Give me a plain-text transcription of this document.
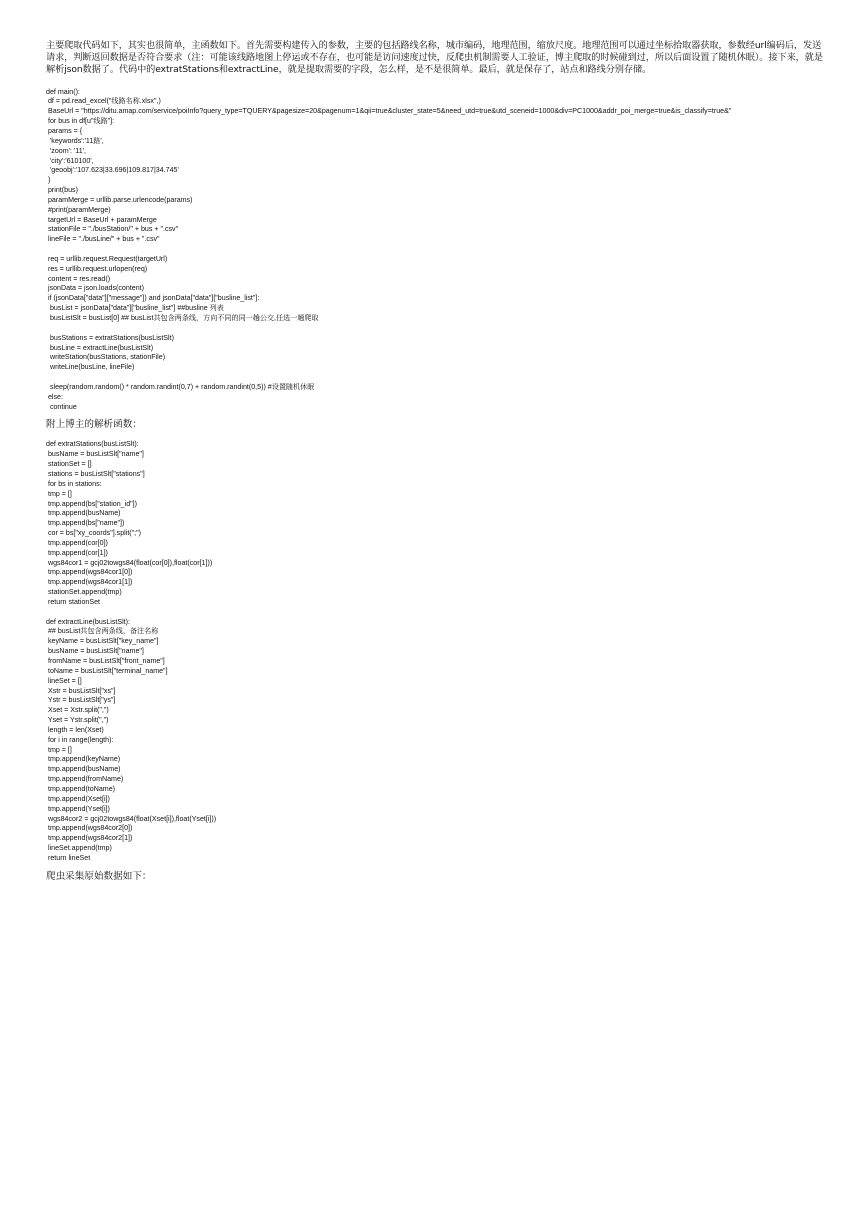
主要爬取代码如下，其实也很简单，主函数如下。首先需要构建传入的参数，主要的包括路线名称，城市编码，地理范围，缩放尺度。地理范围可以通过坐标拾取器获取，参数经url编码后，发送请求，判断返回数据是否符合要求（注：可能该线路地图上停运或不存在，也可能是访问速度过快，反爬虫机制需要人工验证，博主爬取的时候碰到过，所以后面设置了随机休眠）。接下来，就是解析json数据了。代码中的extratStations和extractLine，就是提取需要的字段，怎么样，是不是很简单。最后，就是保存了，站点和路线分别存储。

def main():
df = pd.read_excel("线路名称.xlsx",)
BaseUrl = "https://ditu.amap.com/service/poiInfo?query_type=TQUERY&pagesize=20&pagenum=1&qii=true&cluster_state=5&need_utd=true&utd_sceneid=1000&div=PC1000&addr_poi_merge=true&is_classify=true&"
for bus in df[u"线路"]:
params = {
'keywords':'11路',
'zoom': '11',
'city':'610100',
'geoobj':'107.623|33.696|109.817|34.745'
}
print(bus)
paramMerge = urllib.parse.urlencode(params)
#print(paramMerge)
targetUrl = BaseUrl + paramMerge
stationFile = "./busStation/" + bus + ".csv"
lineFile = "./busLine/" + bus + ".csv"
req = urllib.request.Request(targetUrl)
res = urllib.request.urlopen(req)
content = res.read()
jsonData = json.loads(content)
if (jsonData["data"]["message"]) and jsonData["data"]["busline_list"]:
busList = jsonData["data"]["busline_list"] ##busline 列表
busListSlt = busList[0] ## busList共包含两条线，方向不同的同一趟公交,任选一趟爬取
busStations = extratStations(busListSlt)
busLine = extractLine(busListSlt)
writeStation(busStations, stationFile)
writeLine(busLine, lineFile)
sleep(random.random() * random.randint(0,7) + random.randint(0,5)) #设置随机休眠
else:
continue
附上博主的解析函数：
def extratStations(busListSlt):
busName = busListSlt["name"]
stationSet = []
stations = busListSlt["stations"]
for bs in stations:
tmp = []
tmp.append(bs["station_id"])
tmp.append(busName)
tmp.append(bs["name"])
cor = bs["xy_coords"].split(";")
tmp.append(cor[0])
tmp.append(cor[1])
wgs84cor1 = gcj02towgs84(float(cor[0]),float(cor[1]))
tmp.append(wgs84cor1[0])
tmp.append(wgs84cor1[1])
stationSet.append(tmp)
return stationSet
def extractLine(busListSlt):
## busList共包含两条线，备注名称
keyName = busListSlt["key_name"]
busName = busListSlt["name"]
fromName = busListSlt["front_name"]
toName = busListSlt["terminal_name"]
lineSet = []
Xstr = busListSlt["xs"]
Ystr = busListSlt["ys"]
Xset = Xstr.split(",")
Yset = Ystr.split(",")
length = len(Xset)
for i in range(length):
tmp = []
tmp.append(keyName)
tmp.append(busName)
tmp.append(fromName)
tmp.append(toName)
tmp.append(Xset[i])
tmp.append(Yset[i])
wgs84cor2 = gcj02towgs84(float(Xset[i]),float(Yset[i]))
tmp.append(wgs84cor2[0])
tmp.append(wgs84cor2[1])
lineSet.append(tmp)
return lineSet
爬虫采集原始数据如下：
